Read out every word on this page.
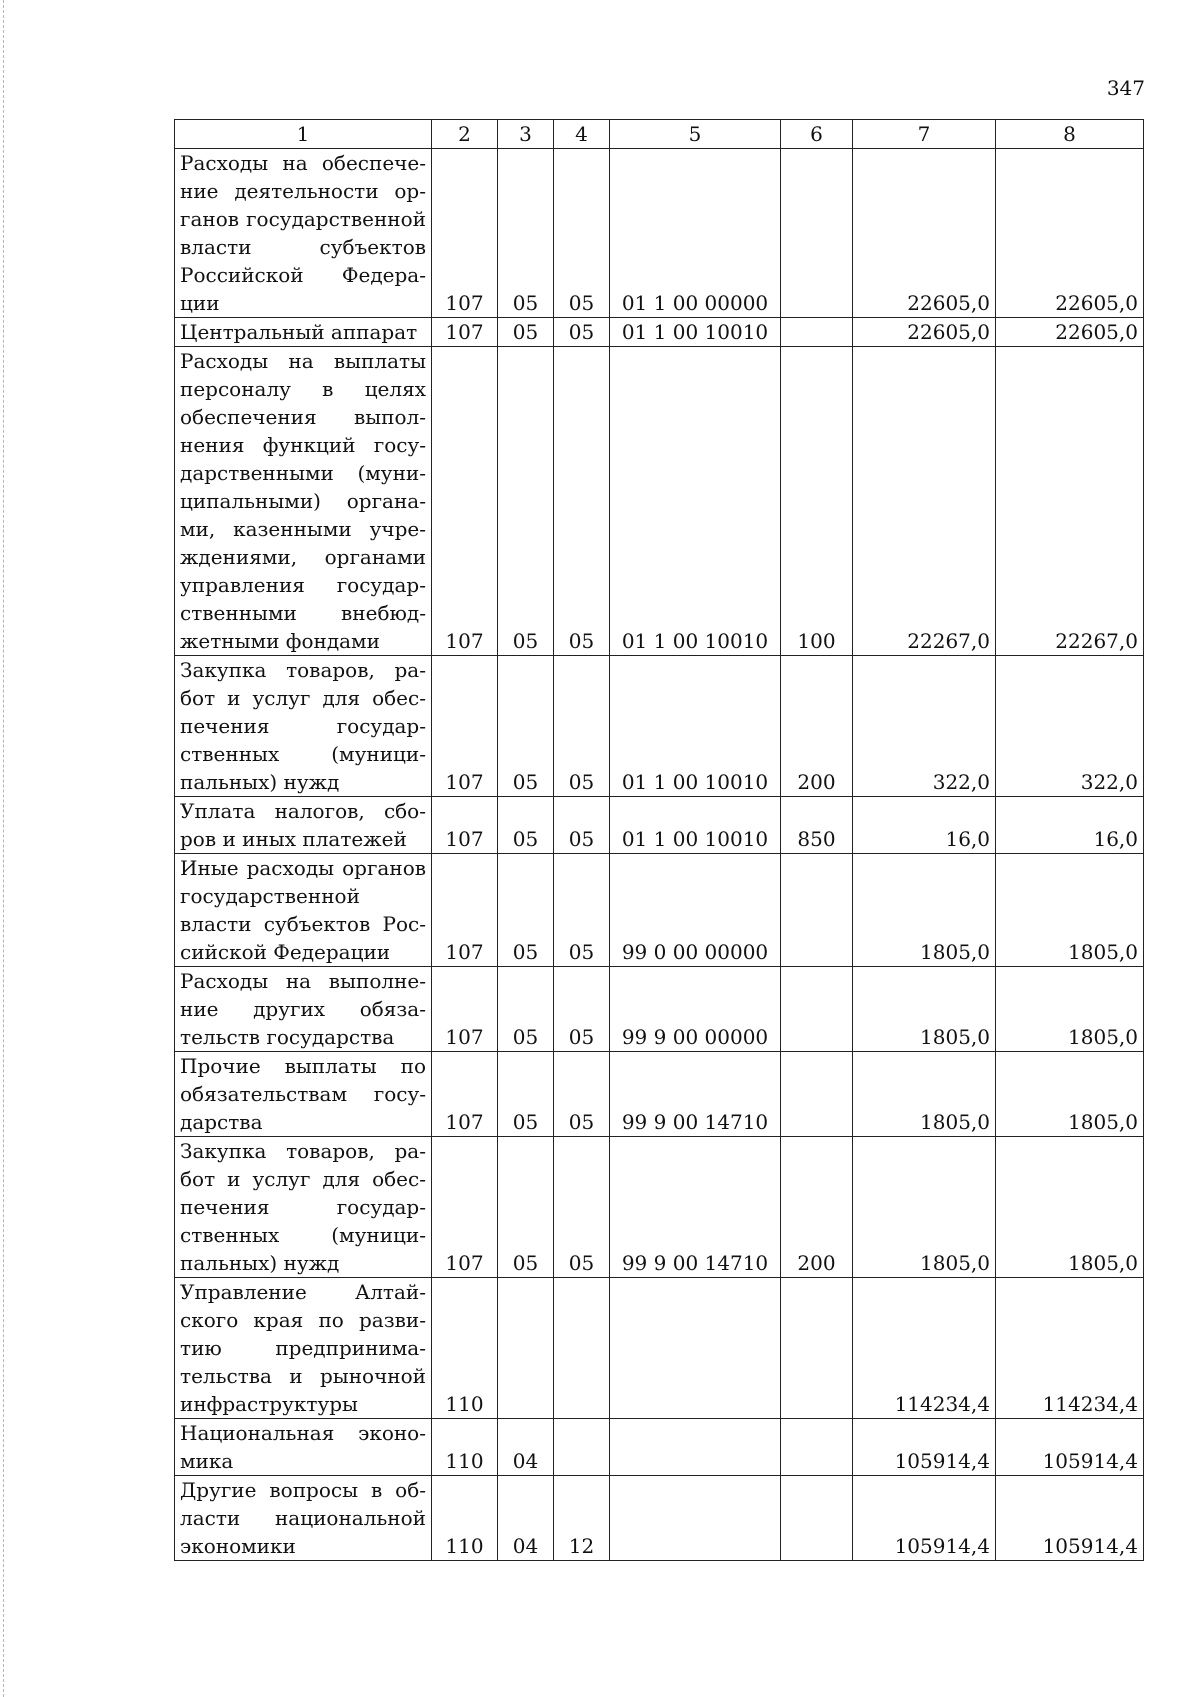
347
1	2	3	4	5	6	7	8
Расходы на обеспечение деятельности органов государственной власти субъектов Российской Федерации	107	05	05	01 1 00 00000		22605,0	22605,0
Центральный аппарат	107	05	05	01 1 00 10010		22605,0	22605,0
Расходы на выплаты персоналу в целях обеспечения выполнения функций государственными (муниципальными) органами, казенными учреждениями, органами управления государственными внебюджетными фондами	107	05	05	01 1 00 10010	100	22267,0	22267,0
Закупка товаров, работ и услуг для обеспечения государственных (муниципальных) нужд	107	05	05	01 1 00 10010	200	322,0	322,0
Уплата налогов, сборов и иных платежей	107	05	05	01 1 00 10010	850	16,0	16,0
Иные расходы органов государственной власти субъектов Российской Федерации	107	05	05	99 0 00 00000		1805,0	1805,0
Расходы на выполнение других обязательств государства	107	05	05	99 9 00 00000		1805,0	1805,0
Прочие выплаты по обязательствам государства	107	05	05	99 9 00 14710		1805,0	1805,0
Закупка товаров, работ и услуг для обеспечения государственных (муниципальных) нужд	107	05	05	99 9 00 14710	200	1805,0	1805,0
Управление Алтайского края по развитию предпринимательства и рыночной инфраструктуры	110					114234,4	114234,4
Национальная экономика	110	04				105914,4	105914,4
Другие вопросы в области национальной экономики	110	04	12			105914,4	105914,4
